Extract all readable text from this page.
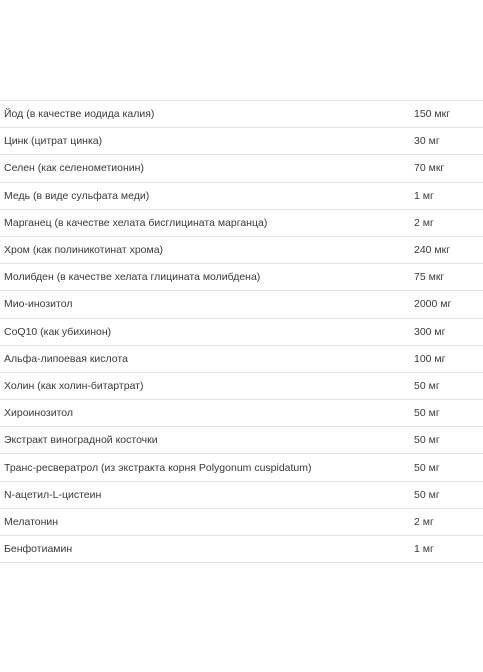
Йод (в качестве иодида калия)	150 мкг
Цинк (цитрат цинка)	30 мг
Селен (как селенометионин)	70 мкг
Медь (в виде сульфата меди)	1 мг
Марганец (в качестве хелата бисглицината марганца)	2 мг
Хром (как полиникотинат хрома)	240 мкг
Молибден (в качестве хелата глицината молибдена)	75 мкг
Мио-инозитол	2000 мг
CoQ10 (как убихинон)	300 мг
Альфа-липоевая кислота	100 мг
Холин (как холин-битартрат)	50 мг
Хироинозитол	50 мг
Экстракт виноградной косточки	50 мг
Транс-ресвератрол (из экстракта корня Polygonum cuspidatum)	50 мг
N-ацетил-L-цистеин	50 мг
Мелатонин	2 мг
Бенфотиамин	1 мг
